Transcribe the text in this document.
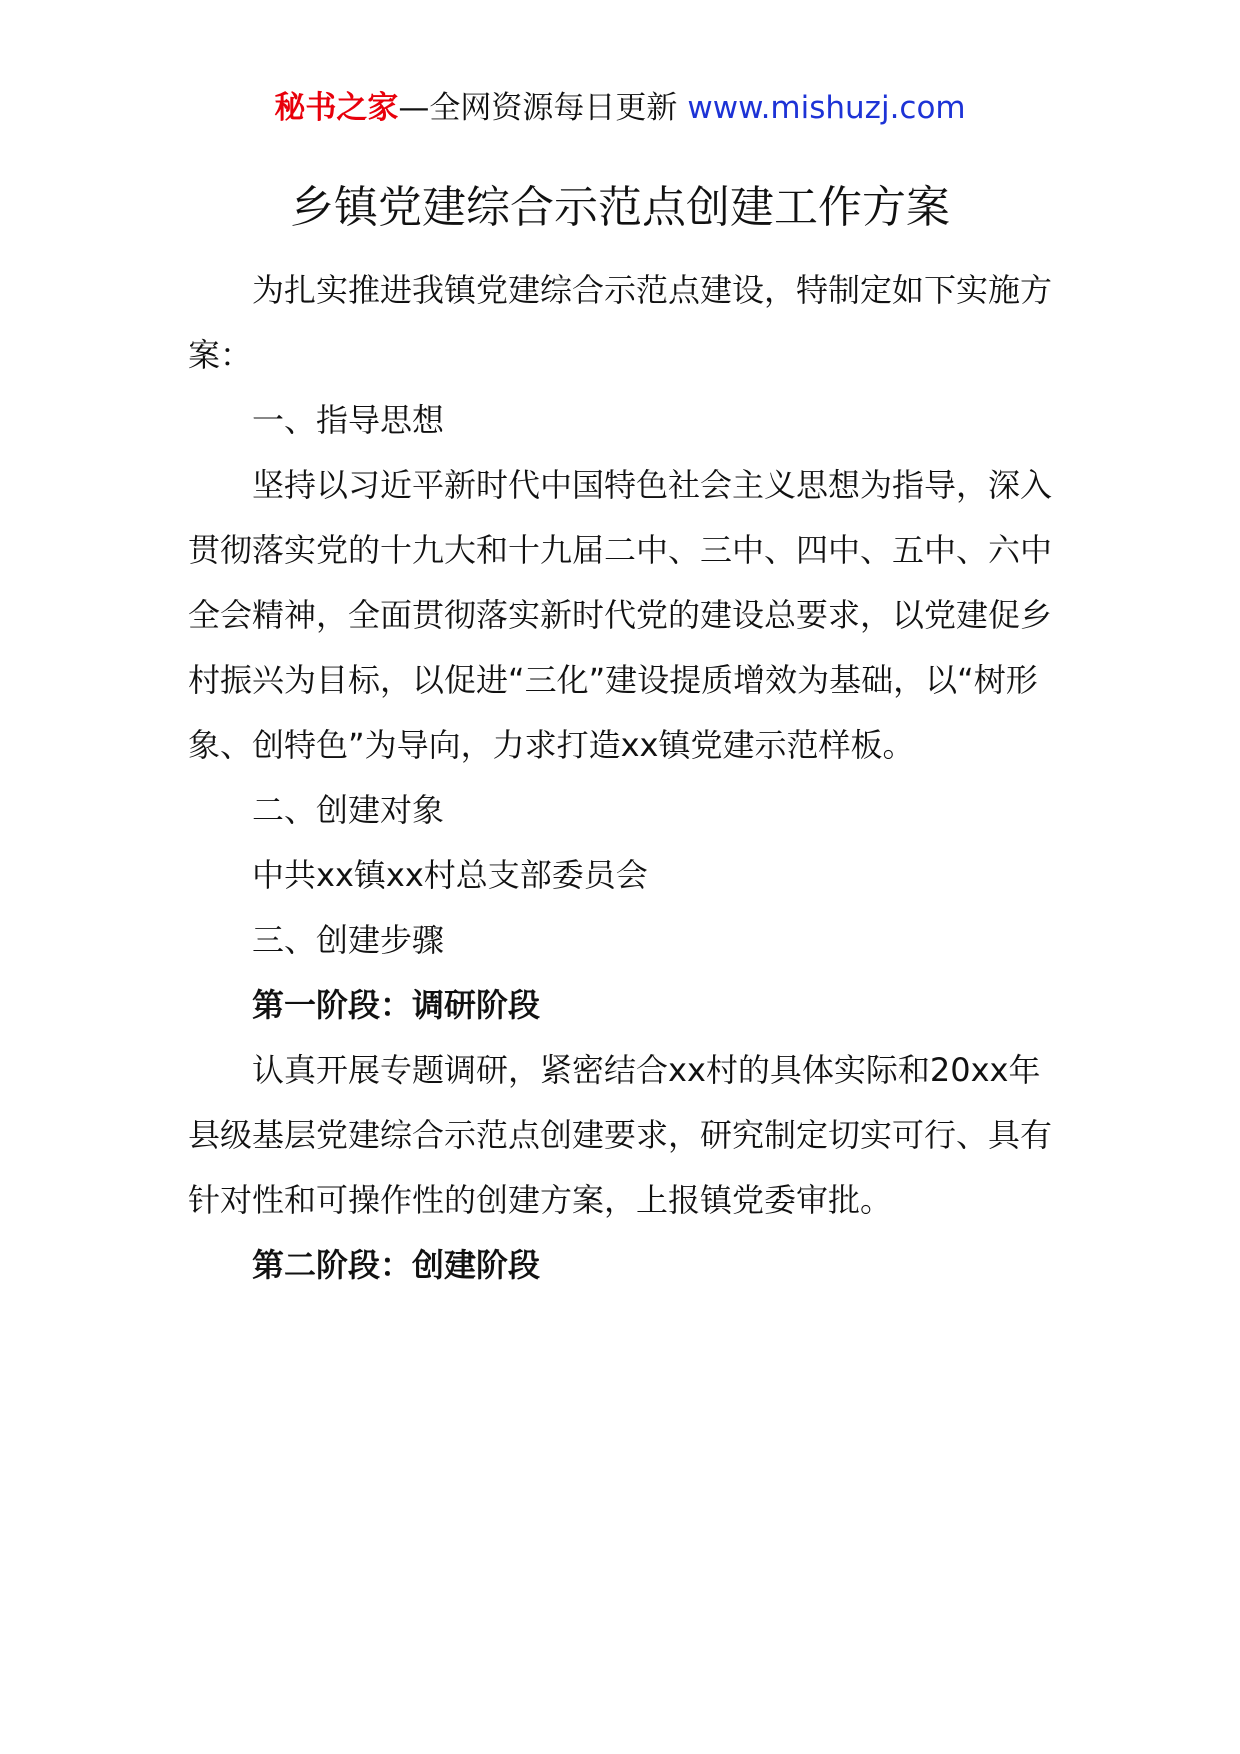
秘书之家—全网资源每日更新 www.mishuzj.com
乡镇党建综合示范点创建工作方案

为扎实推进我镇党建综合示范点建设，特制定如下实施方案：

一、指导思想

坚持以习近平新时代中国特色社会主义思想为指导，深入贯彻落实党的十九大和十九届二中、三中、四中、五中、六中全会精神，全面贯彻落实新时代党的建设总要求，以党建促乡村振兴为目标，以促进“三化”建设提质增效为基础，以“树形象、创特色”为导向，力求打造xx镇党建示范样板。

二、创建对象

中共xx镇xx村总支部委员会

三、创建步骤

第一阶段：调研阶段

认真开展专题调研，紧密结合xx村的具体实际和20xx年县级基层党建综合示范点创建要求，研究制定切实可行、具有针对性和可操作性的创建方案，上报镇党委审批。

第二阶段：创建阶段
